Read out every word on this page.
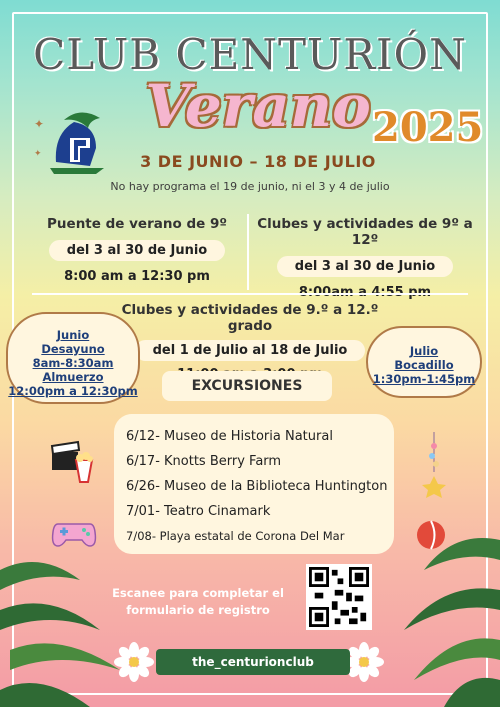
CLUB CENTURIÓN
✦
✦
Verano 2025
3 DE JUNIO – 18 DE JULIO
No hay programa el 19 de junio, ni el 3 y 4 de julio
Puente de verano de 9º
del 3 al 30 de Junio
8:00 am a 12:30 pm
Clubes y actividades de 9º a 12º
del 3 al 30 de Junio
Clubes y actividades de 9.º a 12.º grado
del 1 de Julio al 18 de Julio
Junio
Desayuno
8am-8:30am
Almuerzo
12:00pm a 12:30pm
Julio
Bocadillo
1:30pm-1:45pm
EXCURSIONES
6/12- Museo de Historia Natural
6/17- Knotts Berry Farm
6/26- Museo de la Biblioteca Huntington
7/01- Teatro Cinamark
7/08- Playa estatal de Corona Del Mar
Escanee para completar el
formulario de registro
the_centurionclub
